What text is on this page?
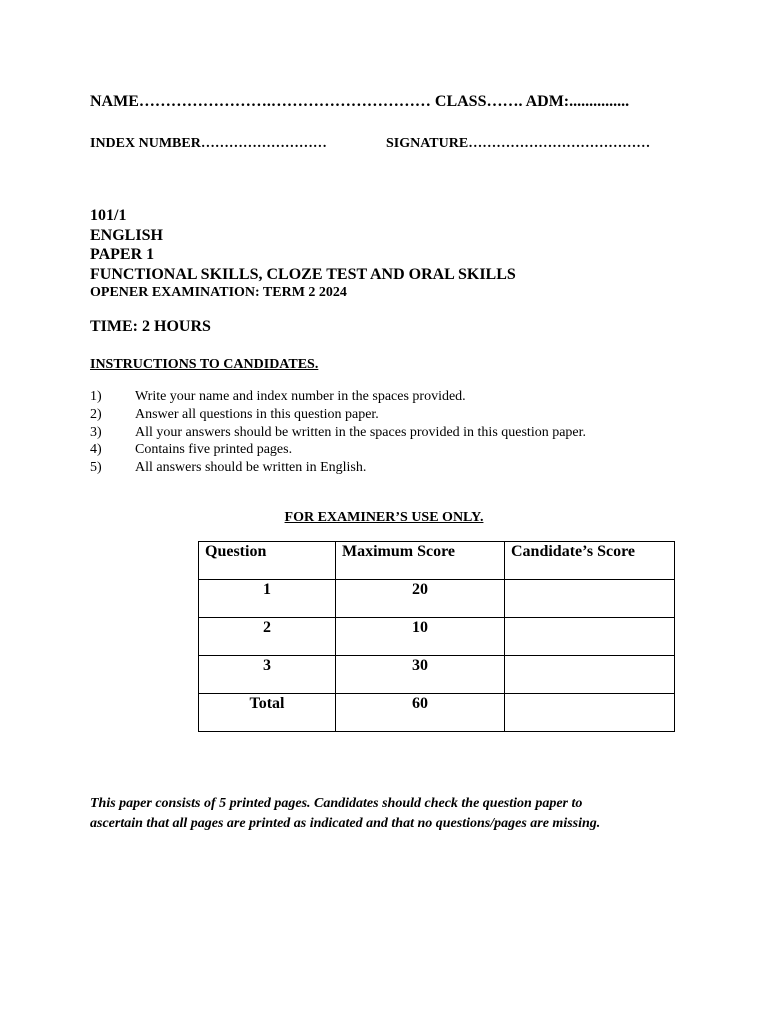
NAME…………………….………………………… CLASS……. ADM:...............
INDEX NUMBER………………………	SIGNATURE…………………………………
101/1
ENGLISH
PAPER 1
FUNCTIONAL SKILLS, CLOZE TEST AND ORAL SKILLS
OPENER EXAMINATION: TERM 2 2024
TIME: 2 HOURS
INSTRUCTIONS TO CANDIDATES.
1) Write your name and index number in the spaces provided.
2) Answer all questions in this question paper.
3) All your answers should be written in the spaces provided in this question paper.
4) Contains five printed pages.
5) All answers should be written in English.
FOR EXAMINER’S USE ONLY.
Question	Maximum Score	Candidate’s Score
1	20	
2	10	
3	30	
Total	60	
This paper consists of 5 printed pages. Candidates should check the question paper to
ascertain that all pages are printed as indicated and that no questions/pages are missing.
